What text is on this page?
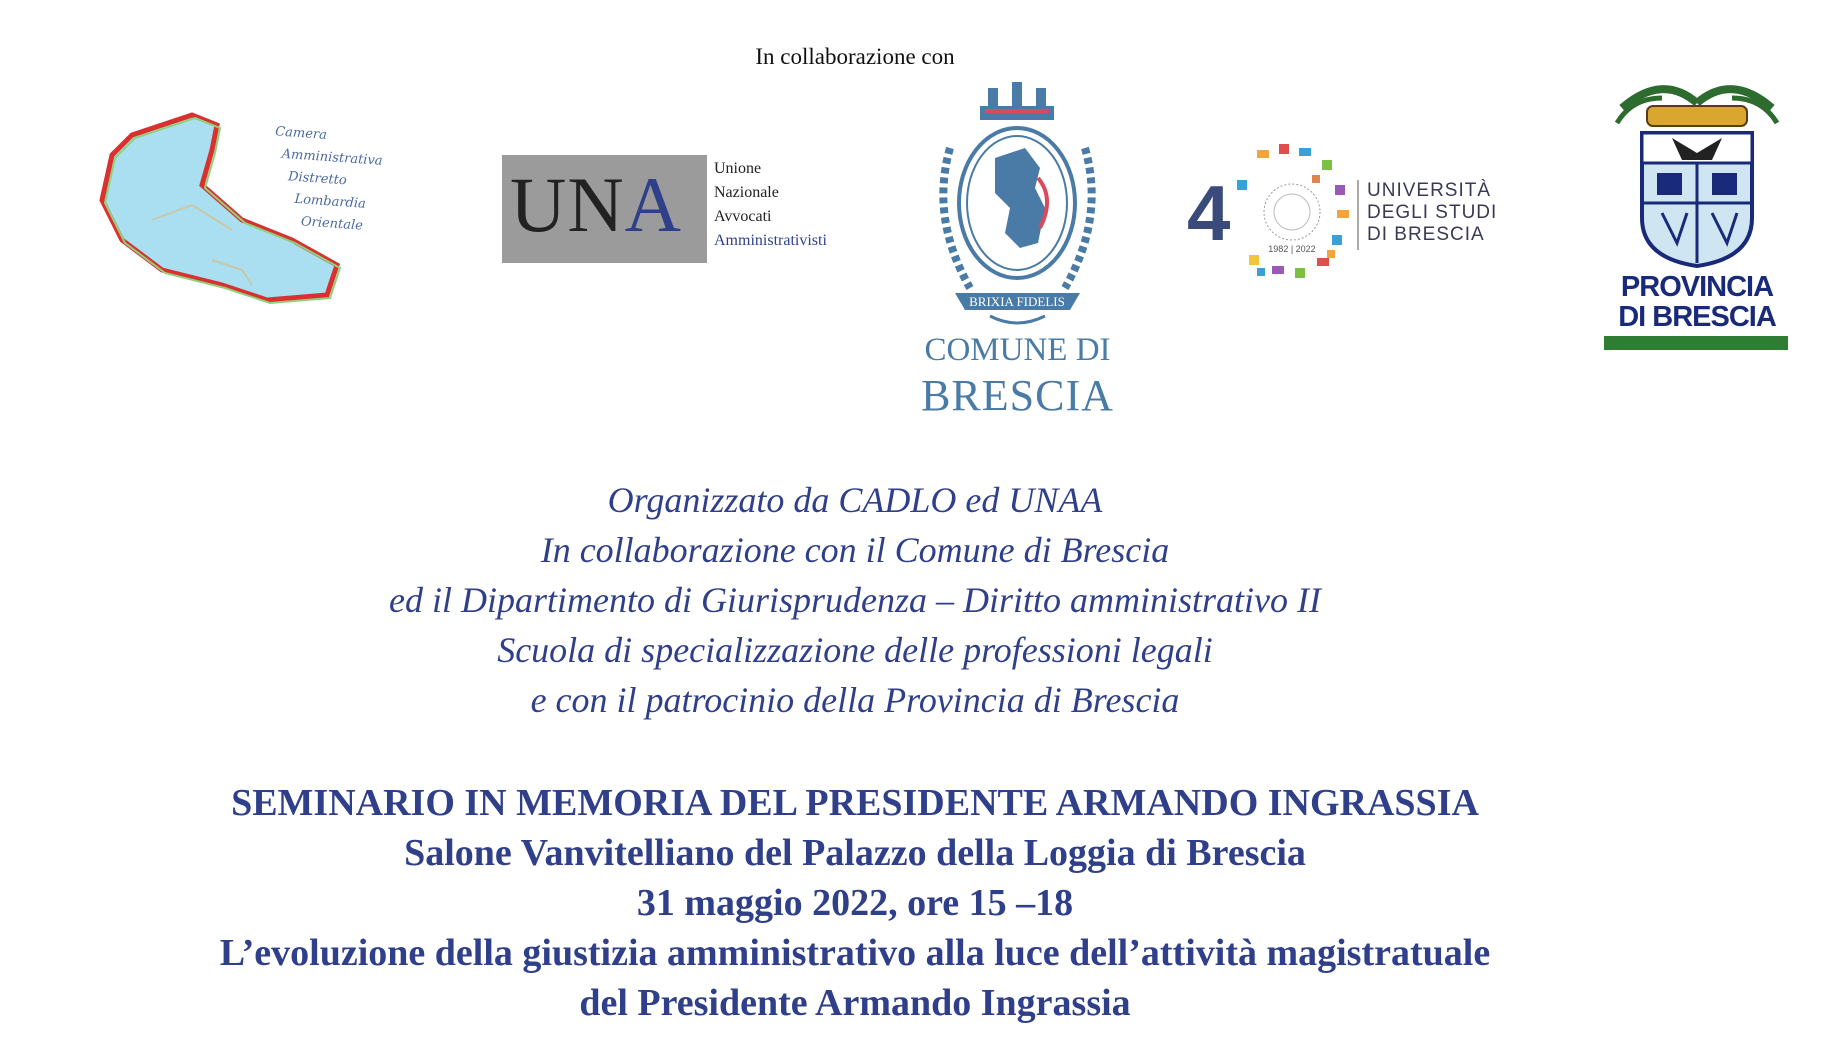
In collaborazione con
Camera
Amministrativa
Distretto
Lombardia
Orientale UNA Unione
Nazionale
Avvocati
Amministrativisti
BRIXIA FIDELIS
COMUNE DI
BRESCIA
4	1982 | 2022
UNIVERSITÀ
DEGLI STUDI
DI BRESCIA
PROVINCIA
DI BRESCIA
Organizzato da CADLO ed UNAA
In collaborazione con il Comune di Brescia
ed il Dipartimento di Giurisprudenza – Diritto amministrativo II
Scuola di specializzazione delle professioni legali
e con il patrocinio della Provincia di Brescia
SEMINARIO IN MEMORIA DEL PRESIDENTE ARMANDO INGRASSIA
Salone Vanvitelliano del Palazzo della Loggia di Brescia
31 maggio 2022, ore 15 –18
L’evoluzione della giustizia amministrativo alla luce dell’attività magistratuale
del Presidente Armando Ingrassia
